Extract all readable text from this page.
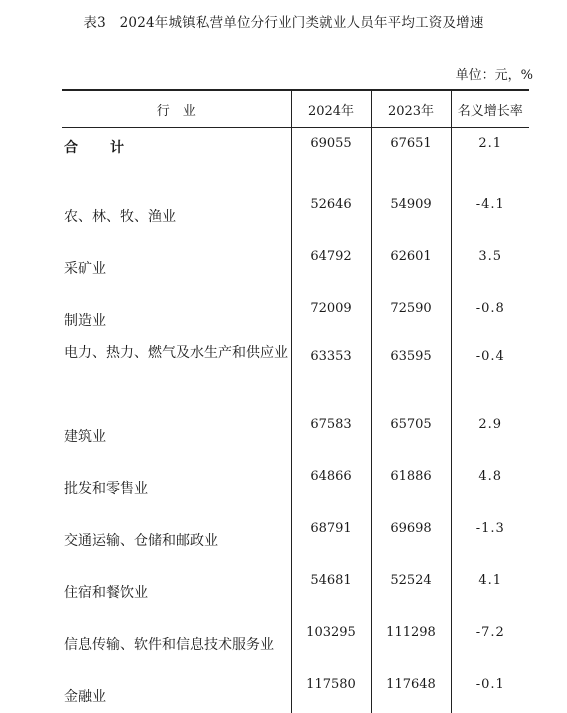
表3　2024年城镇私营单位分行业门类就业人员年平均工资及增速
单位：元，%
行　业	2024年	2023年	名义增长率
合　计	69055	67651	2.1
农、林、牧、渔业	52646	54909	-4.1
采矿业	64792	62601	3.5
制造业	72009	72590	-0.8
电力、热力、燃气及水生产和供应业	63353	63595	-0.4
建筑业	67583	65705	2.9
批发和零售业	64866	61886	4.8
交通运输、仓储和邮政业	68791	69698	-1.3
住宿和餐饮业	54681	52524	4.1
信息传输、软件和信息技术服务业	103295	111298	-7.2
金融业	117580	117648	-0.1
